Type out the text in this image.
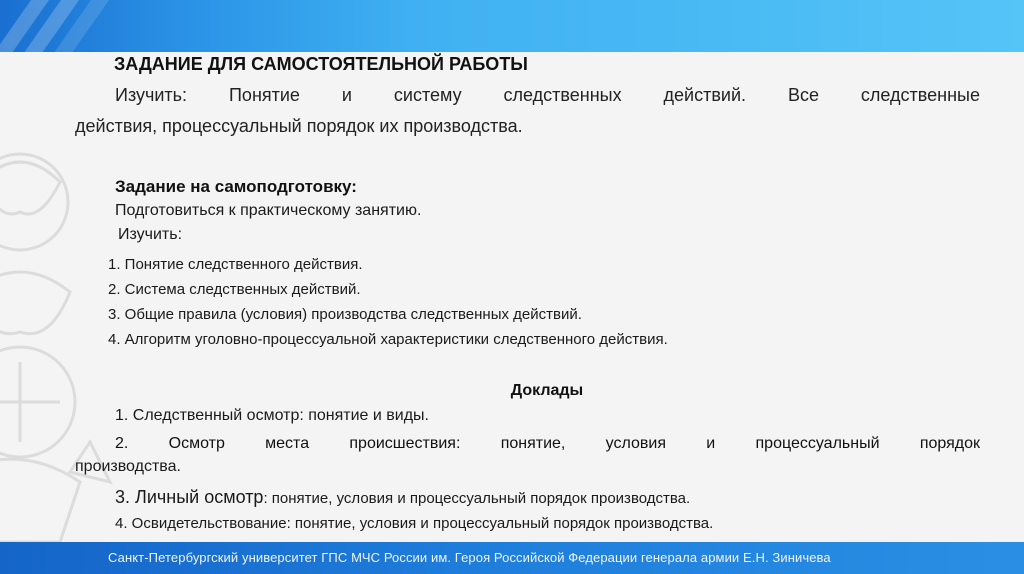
ЗАДАНИЕ ДЛЯ САМОСТОЯТЕЛЬНОЙ РАБОТЫ
Изучить: Понятие и систему следственных действий. Все следственные
действия, процессуальный порядок их производства.
Задание на самоподготовку:
Подготовиться к практическому занятию.
Изучить:
1. Понятие следственного действия.
2. Система следственных действий.
3. Общие правила (условия) производства следственных действий.
4. Алгоритм уголовно-процессуальной характеристики следственного действия.
Доклады
1. Следственный осмотр: понятие и виды.
2. Осмотр места происшествия: понятие, условия и процессуальный порядок
производства.
3. Личный осмотр: понятие, условия и процессуальный порядок производства.
4. Освидетельствование: понятие, условия и процессуальный порядок производства.
Санкт-Петербургский университет ГПС МЧС России им. Героя Российской Федерации генерала армии Е.Н. Зиничева
